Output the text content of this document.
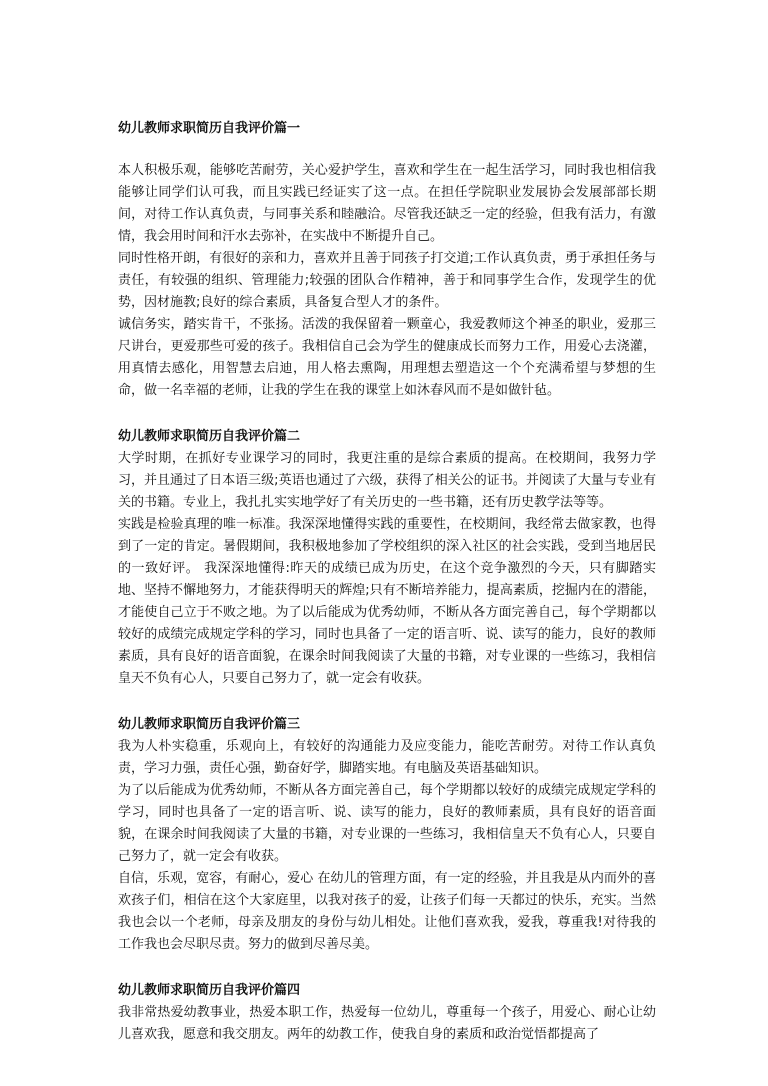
幼儿教师求职简历自我评价篇一

本人积极乐观，能够吃苦耐劳，关心爱护学生，喜欢和学生在一起生活学习，同时我也相信我能够让同学们认可我，而且实践已经证实了这一点。在担任学院职业发展协会发展部部长期间，对待工作认真负责，与同事关系和睦融洽。尽管我还缺乏一定的经验，但我有活力，有激情，我会用时间和汗水去弥补，在实战中不断提升自己。

同时性格开朗，有很好的亲和力，喜欢并且善于同孩子打交道;工作认真负责，勇于承担任务与责任，有较强的组织、管理能力;较强的团队合作精神，善于和同事学生合作，发现学生的优势，因材施教;良好的综合素质，具备复合型人才的条件。

诚信务实，踏实肯干，不张扬。活泼的我保留着一颗童心，我爱教师这个神圣的职业，爱那三尺讲台，更爱那些可爱的孩子。我相信自己会为学生的健康成长而努力工作，用爱心去浇灌，用真情去感化，用智慧去启迪，用人格去熏陶，用理想去塑造这一个个充满希望与梦想的生命，做一名幸福的老师，让我的学生在我的课堂上如沐春风而不是如做针毡。

幼儿教师求职简历自我评价篇二

大学时期，在抓好专业课学习的同时，我更注重的是综合素质的提高。在校期间，我努力学习，并且通过了日本语三级;英语也通过了六级，获得了相关公的证书。并阅读了大量与专业有关的书籍。专业上，我扎扎实实地学好了有关历史的一些书籍，还有历史教学法等等。

实践是检验真理的唯一标准。我深深地懂得实践的重要性，在校期间，我经常去做家教，也得到了一定的肯定。暑假期间，我积极地参加了学校组织的深入社区的社会实践，受到当地居民的一致好评。 我深深地懂得:昨天的成绩已成为历史，在这个竞争激烈的今天，只有脚踏实地、坚持不懈地努力，才能获得明天的辉煌;只有不断培养能力，提高素质，挖掘内在的潜能，才能使自己立于不败之地。为了以后能成为优秀幼师，不断从各方面完善自己，每个学期都以较好的成绩完成规定学科的学习，同时也具备了一定的语言听、说、读写的能力，良好的教师素质，具有良好的语音面貌，在课余时间我阅读了大量的书籍，对专业课的一些练习，我相信皇天不负有心人，只要自己努力了，就一定会有收获。

幼儿教师求职简历自我评价篇三

我为人朴实稳重，乐观向上，有较好的沟通能力及应变能力，能吃苦耐劳。对待工作认真负责，学习力强，责任心强，勤奋好学，脚踏实地。有电脑及英语基础知识。

为了以后能成为优秀幼师，不断从各方面完善自己，每个学期都以较好的成绩完成规定学科的学习，同时也具备了一定的语言听、说、读写的能力，良好的教师素质，具有良好的语音面貌，在课余时间我阅读了大量的书籍，对专业课的一些练习，我相信皇天不负有心人，只要自己努力了，就一定会有收获。

自信，乐观，宽容，有耐心，爱心 在幼儿的管理方面，有一定的经验，并且我是从内而外的喜欢孩子们，相信在这个大家庭里，以我对孩子的爱，让孩子们每一天都过的快乐，充实。当然我也会以一个老师，母亲及朋友的身份与幼儿相处。让他们喜欢我，爱我，尊重我!对待我的工作我也会尽职尽责。努力的做到尽善尽美。

幼儿教师求职简历自我评价篇四

我非常热爱幼教事业，热爱本职工作，热爱每一位幼儿，尊重每一个孩子，用爱心、耐心让幼儿喜欢我，愿意和我交朋友。两年的幼教工作，使我自身的素质和政治觉悟都提高了
